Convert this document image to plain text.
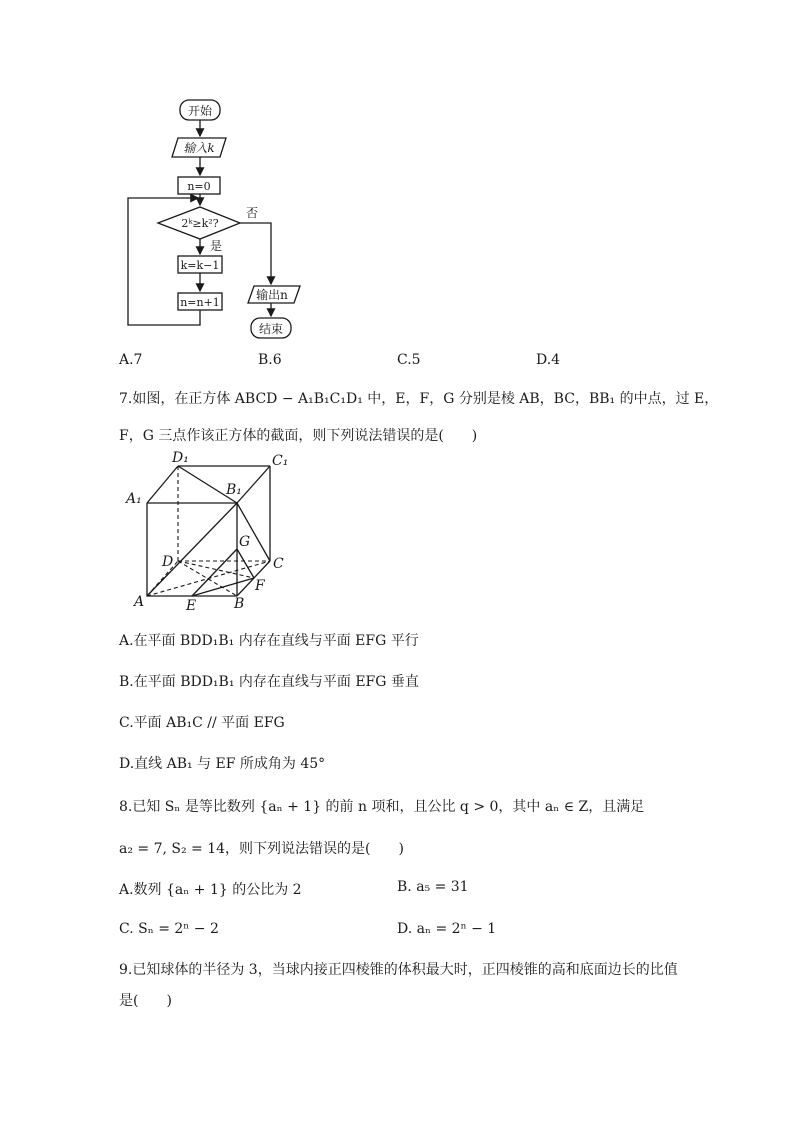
开始
输入k
n=0
2ᵏ≥k²?
否
是
k=k−1
n=n+1
输出n
结束
A.7	B.6	C.5	D.4
7.如图，在正方体 ABCD − A₁B₁C₁D₁ 中，E，F，G 分别是棱 AB，BC，BB₁ 的中点，过 E，
F，G 三点作该正方体的截面，则下列说法错误的是(　　)
D₁	C₁
A₁
B₁
G
D	C
F
A	E	B
A.在平面 BDD₁B₁ 内存在直线与平面 EFG 平行
B.在平面 BDD₁B₁ 内存在直线与平面 EFG 垂直
C.平面 AB₁C // 平面 EFG
D.直线 AB₁ 与 EF 所成角为 45°
8.已知 Sₙ 是等比数列 {aₙ + 1} 的前 n 项和，且公比 q > 0，其中 aₙ ∈ Z，且满足
a₂ = 7, S₂ = 14，则下列说法错误的是(　　)
A.数列 {aₙ + 1} 的公比为 2	B. a₅ = 31
C. Sₙ = 2ⁿ − 2	D. aₙ = 2ⁿ − 1
9.已知球体的半径为 3，当球内接正四棱锥的体积最大时，正四棱锥的高和底面边长的比值
是(　　)
